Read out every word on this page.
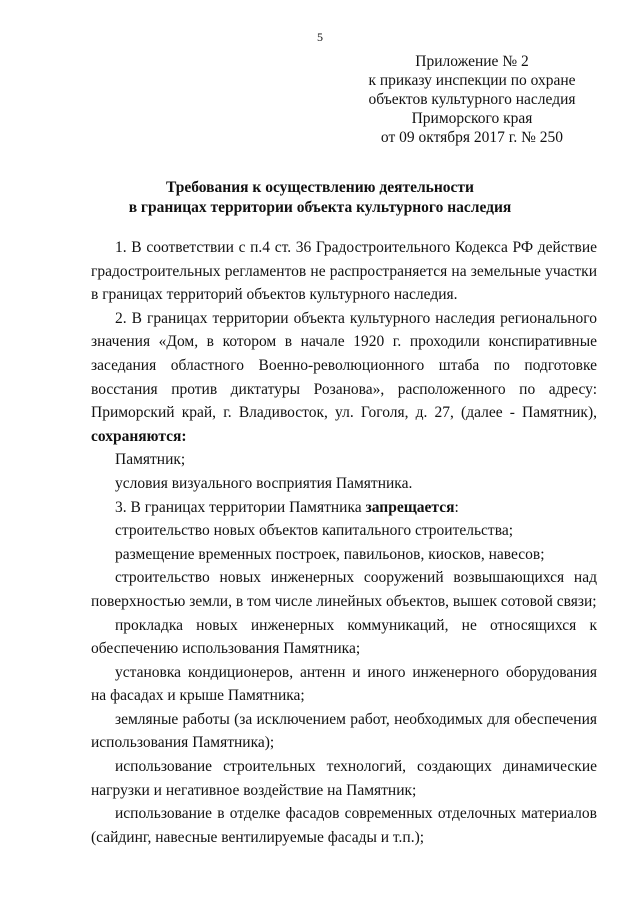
5
Приложение № 2
к приказу инспекции по охране
объектов культурного наследия
Приморского края
от 09 октября 2017 г. № 250
Требования к осуществлению деятельности
в границах территории объекта культурного наследия

1. В соответствии с п.4 ст. 36 Градостроительного Кодекса РФ действие градостроительных регламентов не распространяется на земельные участки в границах территорий объектов культурного наследия.

2. В границах территории объекта культурного наследия регионального значения «Дом, в котором в начале 1920 г. проходили конспиративные заседания областного Военно-революционного штаба по подготовке восстания против диктатуры Розанова», расположенного по адресу: Приморский край, г. Владивосток, ул. Гоголя, д. 27, (далее - Памятник), сохраняются:

Памятник;

условия визуального восприятия Памятника.

3. В границах территории Памятника запрещается:

строительство новых объектов капитального строительства;

размещение временных построек, павильонов, киосков, навесов;

строительство новых инженерных сооружений возвышающихся над поверхностью земли, в том числе линейных объектов, вышек сотовой связи;

прокладка новых инженерных коммуникаций, не относящихся к обеспечению использования Памятника;

установка кондиционеров, антенн и иного инженерного оборудования на фасадах и крыше Памятника;

земляные работы (за исключением работ, необходимых для обеспечения использования Памятника);

использование строительных технологий, создающих динамические нагрузки и негативное воздействие на Памятник;

использование в отделке фасадов современных отделочных материалов (сайдинг, навесные вентилируемые фасады и т.п.);
